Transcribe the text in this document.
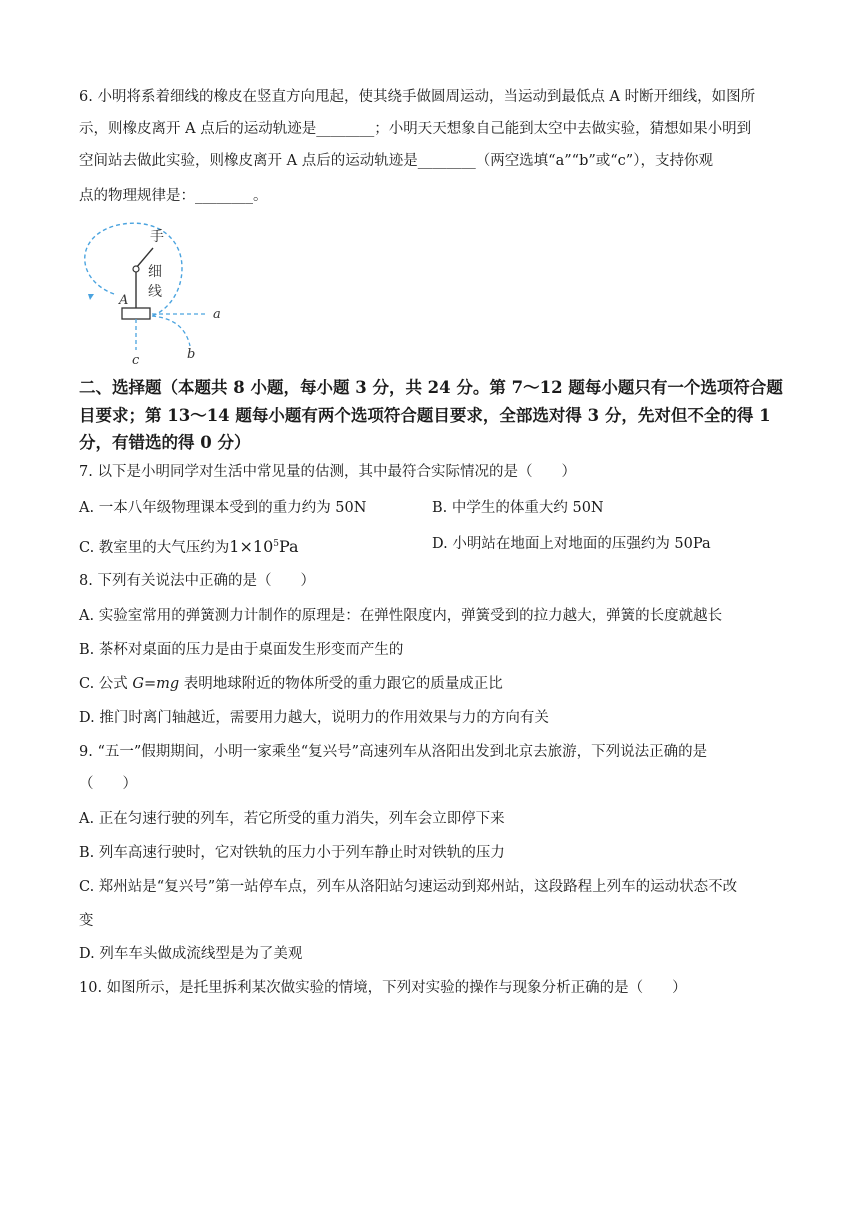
6. 小明将系着细线的橡皮在竖直方向甩起，使其绕手做圆周运动，当运动到最低点 A 时断开细线，如图所
示，则橡皮离开 A 点后的运动轨迹是________；小明天天想象自己能到太空中去做实验，猜想如果小明到
空间站去做此实验，则橡皮离开 A 点后的运动轨迹是________（两空选填“a”“b”或“c”），支持你观
点的物理规律是：________。
手
细
线
A
a
b
c
二、选择题（本题共 8 小题，每小题 3 分，共 24 分。第 7～12 题每小题只有一个选项符合题
目要求；第 13～14 题每小题有两个选项符合题目要求，全部选对得 3 分，先对但不全的得 1
分，有错选的得 0 分）
7. 以下是小明同学对生活中常见量的估测，其中最符合实际情况的是（　　）
A. 一本八年级物理课本受到的重力约为 50N	B. 中学生的体重大约 50N
C. 教室里的大气压约为$1\times 10^5Pa$	D. 小明站在地面上对地面的压强约为 50Pa
8. 下列有关说法中正确的是（　　）
A. 实验室常用的弹簧测力计制作的原理是：在弹性限度内，弹簧受到的拉力越大，弹簧的长度就越长
B. 茶杯对桌面的压力是由于桌面发生形变而产生的
C. 公式 G=mg 表明地球附近的物体所受的重力跟它的质量成正比
D. 推门时离门轴越近，需要用力越大，说明力的作用效果与力的方向有关
9. “五一”假期期间，小明一家乘坐“复兴号”高速列车从洛阳出发到北京去旅游，下列说法正确的是
（　　）
A. 正在匀速行驶的列车，若它所受的重力消失，列车会立即停下来
B. 列车高速行驶时，它对铁轨的压力小于列车静止时对铁轨的压力
C. 郑州站是“复兴号”第一站停车点，列车从洛阳站匀速运动到郑州站，这段路程上列车的运动状态不改
变
D. 列车车头做成流线型是为了美观
10. 如图所示，是托里拆利某次做实验的情境，下列对实验的操作与现象分析正确的是（　　）
